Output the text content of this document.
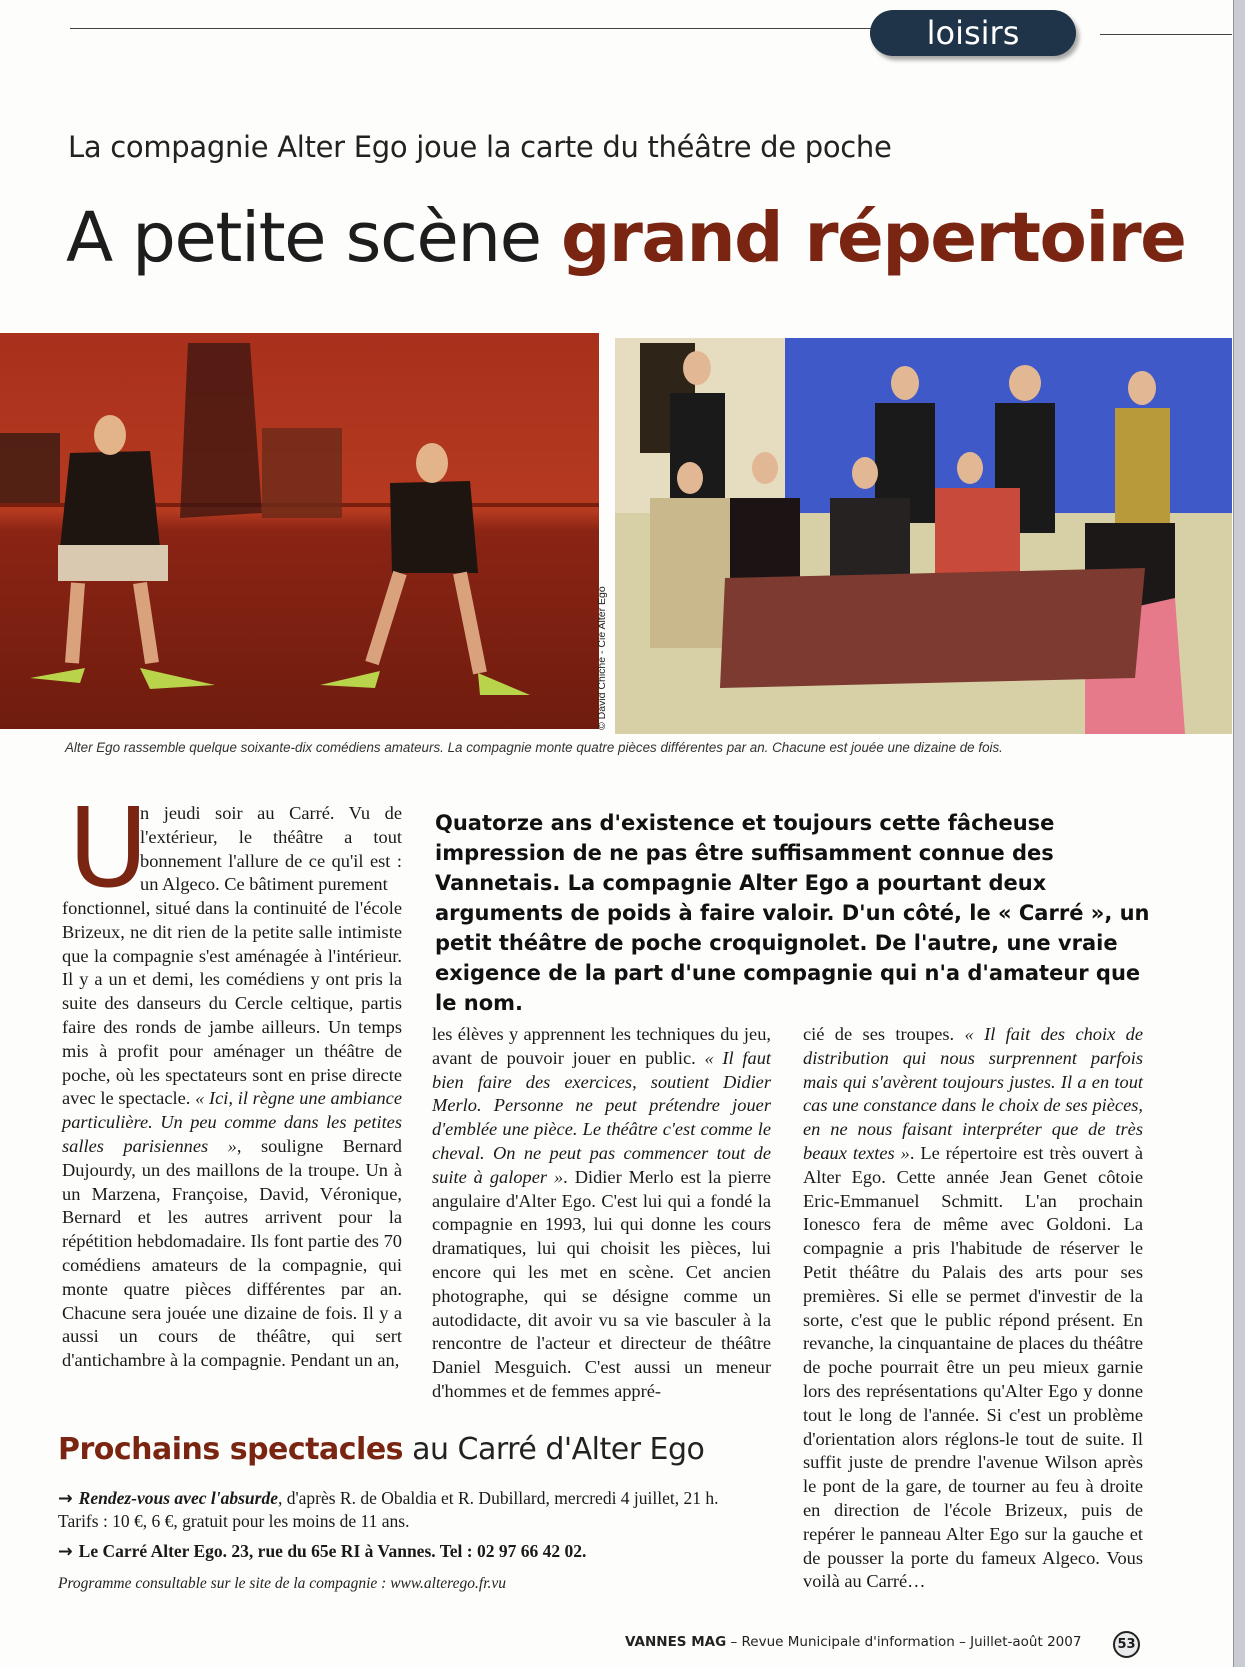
loisirs
La compagnie Alter Ego joue la carte du théâtre de poche
A petite scène grand répertoire
© David Chiche - Cie Alter Ego
Alter Ego rassemble quelque soixante-dix comédiens amateurs. La compagnie monte quatre pièces différentes par an. Chacune est jouée une dizaine de fois.
U

n jeudi soir au Carré. Vu de l'extérieur, le théâtre a tout bonnement l'allure de ce qu'il est : un Algeco. Ce bâtiment purement

fonctionnel, situé dans la continuité de l'école Brizeux, ne dit rien de la petite salle intimiste que la compagnie s'est aménagée à l'intérieur. Il y a un et demi, les comédiens y ont pris la suite des danseurs du Cercle celtique, partis faire des ronds de jambe ailleurs. Un temps mis à profit pour aménager un théâtre de poche, où les spectateurs sont en prise directe avec le spectacle. « Ici, il règne une ambiance particulière. Un peu comme dans les petites salles parisiennes », souligne Bernard Dujourdy, un des maillons de la troupe. Un à un Marzena, Françoise, David, Véronique, Bernard et les autres arrivent pour la répétition hebdomadaire. Ils font partie des 70 comédiens amateurs de la compagnie, qui monte quatre pièces différentes par an. Chacune sera jouée une dizaine de fois. Il y a aussi un cours de théâtre, qui sert d'antichambre à la compagnie. Pendant un an,

Quatorze ans d'existence et toujours cette fâcheuse impression de ne pas être suffisamment connue des Vannetais. La compagnie Alter Ego a pourtant deux arguments de poids à faire valoir. D'un côté, le « Carré », un petit théâtre de poche croquignolet. De l'autre, une vraie exigence de la part d'une compagnie qui n'a d'amateur que le nom.

les élèves y apprennent les techniques du jeu, avant de pouvoir jouer en public. « Il faut bien faire des exercices, soutient Didier Merlo. Personne ne peut prétendre jouer d'emblée une pièce. Le théâtre c'est comme le cheval. On ne peut pas commencer tout de suite à galoper ». Didier Merlo est la pierre angulaire d'Alter Ego. C'est lui qui a fondé la compagnie en 1993, lui qui donne les cours dramatiques, lui qui choisit les pièces, lui encore qui les met en scène. Cet ancien photographe, qui se désigne comme un autodidacte, dit avoir vu sa vie basculer à la rencontre de l'acteur et directeur de théâtre Daniel Mesguich. C'est aussi un meneur d'hommes et de femmes appré-

cié de ses troupes. « Il fait des choix de distribution qui nous surprennent parfois mais qui s'avèrent toujours justes. Il a en tout cas une constance dans le choix de ses pièces, en ne nous faisant interpréter que de très beaux textes ». Le répertoire est très ouvert à Alter Ego. Cette année Jean Genet côtoie Eric-Emmanuel Schmitt. L'an prochain Ionesco fera de même avec Goldoni. La compagnie a pris l'habitude de réserver le Petit théâtre du Palais des arts pour ses premières. Si elle se permet d'investir de la sorte, c'est que le public répond présent. En revanche, la cinquantaine de places du théâtre de poche pourrait être un peu mieux garnie lors des représentations qu'Alter Ego y donne tout le long de l'année. Si c'est un problème d'orientation alors réglons-le tout de suite. Il suffit juste de prendre l'avenue Wilson après le pont de la gare, de tourner au feu à droite en direction de l'école Brizeux, puis de repérer le panneau Alter Ego sur la gauche et de pousser la porte du fameux Algeco. Vous voilà au Carré…

Prochains spectacles au Carré d'Alter Ego
→ Rendez-vous avec l'absurde, d'après R. de Obaldia et R. Dubillard, mercredi 4 juillet, 21 h. Tarifs : 10 €, 6 €, gratuit pour les moins de 11 ans.
→ Le Carré Alter Ego. 23, rue du 65e RI à Vannes. Tel : 02 97 66 42 02.
Programme consultable sur le site de la compagnie : www.alterego.fr.vu
VANNES MAG – Revue Municipale d'information – Juillet-août 2007	53
